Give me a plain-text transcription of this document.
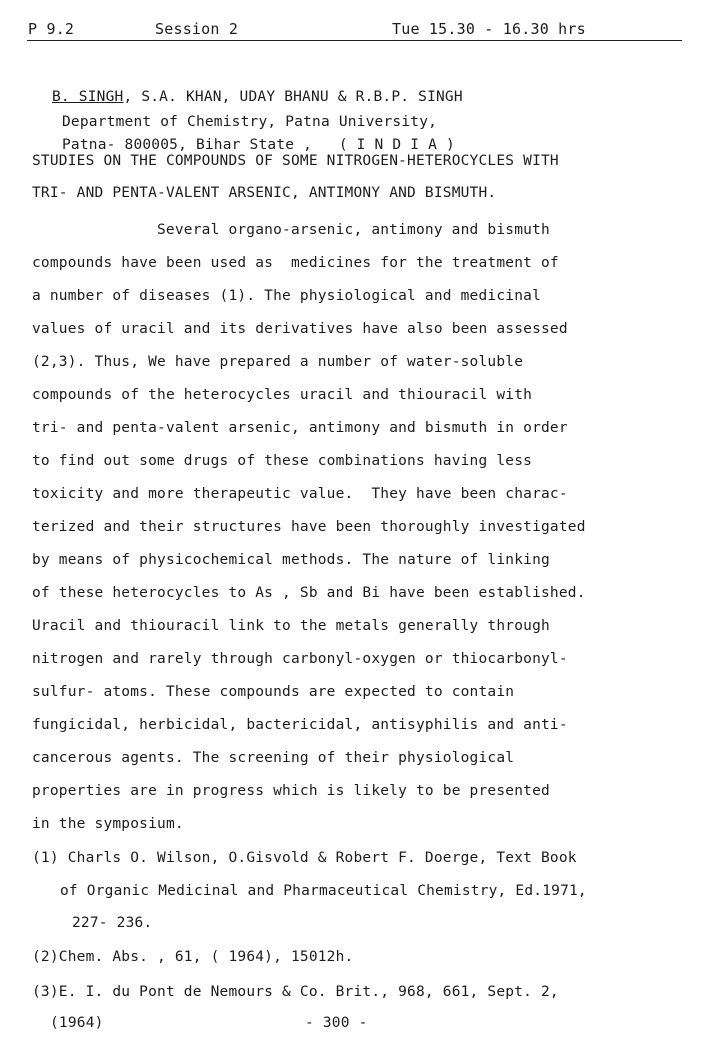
P 9.2	Session 2	Tue 15.30 - 16.30 hrs
B. SINGH, S.A. KHAN, UDAY BHANU & R.B.P. SINGH
Department of Chemistry, Patna University,
Patna- 800005, Bihar State ,   ( I N D I A )
STUDIES ON THE COMPOUNDS OF SOME NITROGEN-HETEROCYCLES WITH
TRI- AND PENTA-VALENT ARSENIC, ANTIMONY AND BISMUTH.
Several organo-arsenic, antimony and bismuth
compounds have been used as  medicines for the treatment of
a number of diseases (1). The physiological and medicinal
values of uracil and its derivatives have also been assessed
(2,3). Thus, We have prepared a number of water-soluble
compounds of the heterocycles uracil and thiouracil with
tri- and penta-valent arsenic, antimony and bismuth in order
to find out some drugs of these combinations having less
toxicity and more therapeutic value.  They have been charac-
terized and their structures have been thoroughly investigated
by means of physicochemical methods. The nature of linking
of these heterocycles to As , Sb and Bi have been established.
Uracil and thiouracil link to the metals generally through
nitrogen and rarely through carbonyl-oxygen or thiocarbonyl-
sulfur- atoms. These compounds are expected to contain
fungicidal, herbicidal, bactericidal, antisyphilis and anti-
cancerous agents. The screening of their physiological
properties are in progress which is likely to be presented
in the symposium.
(1) Charls O. Wilson, O.Gisvold & Robert F. Doerge, Text Book
of Organic Medicinal and Pharmaceutical Chemistry, Ed.1971,
227- 236.
(2)Chem. Abs. , 61, ( 1964), 15012h.
(3)E. I. du Pont de Nemours & Co. Brit., 968, 661, Sept. 2,
(1964)	- 300 -
